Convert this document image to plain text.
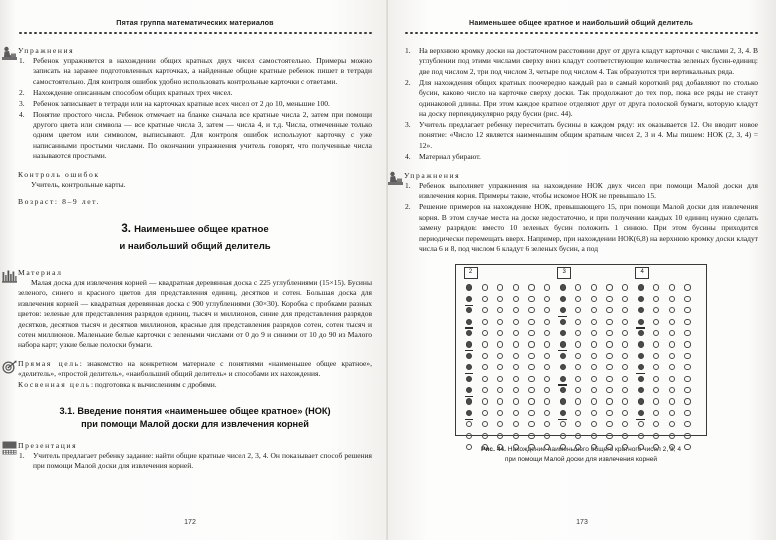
Пятая группа математических материалов
Упражнения
Ребенок упражняется в нахождении общих кратных двух чисел самостоятельно. Примеры можно записать на заранее подготовленных карточках, а найденные общие кратные ребенок пишет в тетради самостоятельно. Для контроля ошибок удобно использовать контрольные карточки с ответами.
Нахождение описанным способом общих кратных трех чисел.
Ребенок записывает в тетради или на карточках кратные всех чисел от 2 до 10, меньшие 100.
Понятие простого числа. Ребенок отмечает на бланке сначала все кратные числа 2, затем при помощи другого цвета или символа — все кратные числа 3, затем — числа 4, и т.д. Числа, отмеченные только одним цветом или символом, выписывают. Для контроля ошибок используют карточку с уже написанными простыми числами. По окончании упражнения учитель говорят, что полученные числа называются простыми.
Контроль ошибок

Учитель, контрольные карты.

Возраст: 8–9 лет.
3. Наименьшее общее кратное
и наибольший общий делитель
Материал

Малая доска для извлечения корней — квадратная деревянная доска с 225 углублениями (15×15). Бусины зеленого, синего и красного цветов для представления единиц, десятков и сотен. Большая доска для извлечения корней — квадратная деревянная доска с 900 углублениями (30×30). Коробка с пробками разных цветов: зеленые для представления разрядов единиц, тысяч и миллионов, синие для представления разрядов десятков, десятков тысяч и десятков миллионов, красные для представления разрядов сотен, сотен тысяч и сотен миллионов. Маленькие белые карточки с зелеными числами от 0 до 9 и синими от 10 до 90 из Малого набора карт; узкие белые полоски бумаги.

Прямая цель: знакомство на конкретном материале с понятиями «наименьшее общее кратное», «делитель», «простой делитель», «наибольший общий делитель» и способами их нахождения.

Косвенная цель: подготовка к вычислениям с дробями.

3.1. Введение понятия «наименьшее общее кратное» (НОК)
при помощи Малой доски для извлечения корней
Презентация
Учитель предлагает ребенку задание: найти общие кратные чисел 2, 3, 4. Он показывает способ решения при помощи Малой доски для извлечения корней.
172
Наименьшее общее кратное и наибольший общий делитель
На верхнюю кромку доски на достаточном расстоянии друг от друга кладут карточки с числами 2, 3, 4. В углублении под этими числами сверху вниз кладут соответствующие количества зеленых бусин-единиц: две под числом 2, три под числом 3, четыре под числом 4. Так образуются три вертикальных ряда.
Для нахождения общих кратных поочередно каждый раз в самый короткий ряд добавляют по столько бусин, каково число на карточке сверху доски. Так продолжают до тех пор, пока все ряды не станут одинаковой длины. При этом каждое кратное отделяют друг от друга полоской бумаги, которую кладут на доску перпендикулярно ряду бусин (рис. 44).
Учитель предлагает ребенку пересчитать бусины в каждом ряду: их оказывается 12. Он вводит новое понятие: «Число 12 является наименьшим общим кратным чисел 2, 3 и 4. Мы пишем: НОК (2, 3, 4) = 12».
Материал убирают.
Упражнения
Ребенок выполняет упражнения на нахождение НОК двух чисел при помощи Малой доски для извлечения корня. Примеры такие, чтобы искомое НОК не превышало 15.
Решение примеров на нахождение НОК, превышающего 15, при помощи Малой доски для извлечения корня. В этом случае места на доске недостаточно, и при получении каждых 10 единиц нужно сделать замену разрядов: вместо 10 зеленых бусин положить 1 синюю. При этом бусины приходится периодически перемещать вверх. Например, при нахождении НОК(6,8) на верхнюю кромку доски кладут числа 6 и 8, под числом 6 кладут 6 зеленых бусин, а под
2	3	4
Рис. 44. Нахождение наименьшего общего кратного чисел 2, 3, 4
при помощи Малой доски для извлечения корней
173
